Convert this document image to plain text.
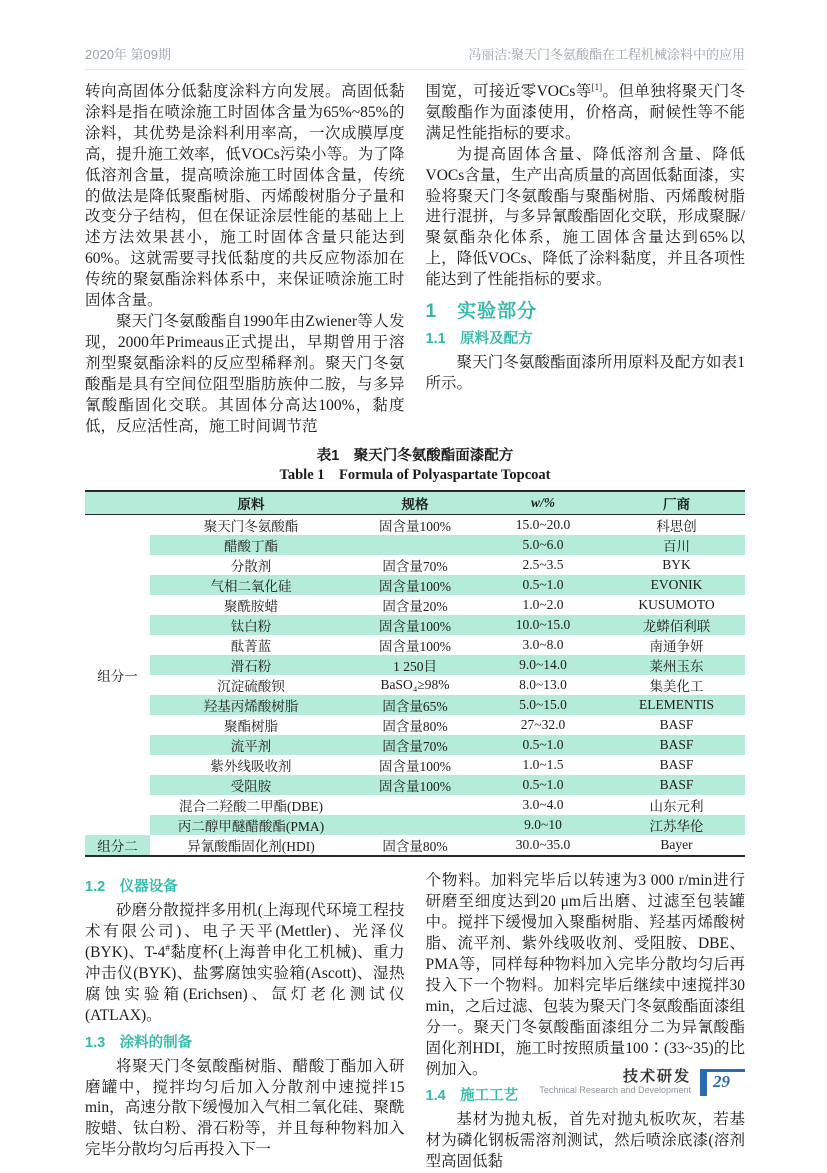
2020年 第09期	冯丽洁:聚天门冬氨酸酯在工程机械涂料中的应用

转向高固体分低黏度涂料方向发展。高固低黏涂料是指在喷涂施工时固体含量为65%~85%的涂料，其优势是涂料利用率高，一次成膜厚度高，提升施工效率，低VOCs污染小等。为了降低溶剂含量，提高喷涂施工时固体含量，传统的做法是降低聚酯树脂、丙烯酸树脂分子量和改变分子结构，但在保证涂层性能的基础上上述方法效果甚小，施工时固体含量只能达到60%。这就需要寻找低黏度的共反应物添加在传统的聚氨酯涂料体系中，来保证喷涂施工时固体含量。

聚天门冬氨酸酯自1990年由Zwiener等人发现，2000年Primeaus正式提出，早期曾用于溶剂型聚氨酯涂料的反应型稀释剂。聚天门冬氨酸酯是具有空间位阻型脂肪族仲二胺，与多异氰酸酯固化交联。其固体分高达100%，黏度低，反应活性高，施工时间调节范

围宽，可接近零VOCs等[1]。但单独将聚天门冬氨酸酯作为面漆使用，价格高，耐候性等不能满足性能指标的要求。

为提高固体含量、降低溶剂含量、降低VOCs含量，生产出高质量的高固低黏面漆，实验将聚天门冬氨酸酯与聚酯树脂、丙烯酸树脂进行混拼，与多异氰酸酯固化交联，形成聚脲/聚氨酯杂化体系，施工固体含量达到65%以上，降低VOCs、降低了涂料黏度，并且各项性能达到了性能指标的要求。

1　实验部分
1.1　原料及配方

聚天门冬氨酸酯面漆所用原料及配方如表1所示。

表1　聚天门冬氨酸酯面漆配方
Table 1　Formula of Polyaspartate Topcoat
	原料	规格	w/%	厂商
组分一	聚天门冬氨酸酯	固含量100%	15.0~20.0	科思创
	醋酸丁酯		5.0~6.0	百川
	分散剂	固含量70%	2.5~3.5	BYK
	气相二氧化硅	固含量100%	0.5~1.0	EVONIK
	聚酰胺蜡	固含量20%	1.0~2.0	KUSUMOTO
	钛白粉	固含量100%	10.0~15.0	龙蟒佰利联
	酞菁蓝	固含量100%	3.0~8.0	南通争妍
	滑石粉	1 250目	9.0~14.0	莱州玉东
	沉淀硫酸钡	BaSO₄≥98%	8.0~13.0	集美化工
	羟基丙烯酸树脂	固含量65%	5.0~15.0	ELEMENTIS
	聚酯树脂	固含量80%	27~32.0	BASF
	流平剂	固含量70%	0.5~1.0	BASF
	紫外线吸收剂	固含量100%	1.0~1.5	BASF
	受阻胺	固含量100%	0.5~1.0	BASF
	混合二羟酸二甲酯(DBE)		3.0~4.0	山东元利
	丙二醇甲醚醋酸酯(PMA)		9.0~10	江苏华伦
组分二	异氰酸酯固化剂(HDI)	固含量80%	30.0~35.0	Bayer
1.2　仪器设备

砂磨分散搅拌多用机(上海现代环境工程技术有限公司)、电子天平(Mettler)、光泽仪(BYK)、T-4#黏度杯(上海普申化工机械)、重力冲击仪(BYK)、盐雾腐蚀实验箱(Ascott)、湿热腐蚀实验箱(Erichsen)、氙灯老化测试仪(ATLAX)。

1.3　涂料的制备

将聚天门冬氨酸酯树脂、醋酸丁酯加入研磨罐中，搅拌均匀后加入分散剂中速搅拌15 min，高速分散下缓慢加入气相二氧化硅、聚酰胺蜡、钛白粉、滑石粉等，并且每种物料加入完毕分散均匀后再投入下一

个物料。加料完毕后以转速为3 000 r/min进行研磨至细度达到20 μm后出磨、过滤至包装罐中。搅拌下缓慢加入聚酯树脂、羟基丙烯酸树脂、流平剂、紫外线吸收剂、受阻胺、DBE、PMA等，同样每种物料加入完毕分散均匀后再投入下一个物料。加料完毕后继续中速搅拌30 min，之后过滤、包装为聚天门冬氨酸酯面漆组分一。聚天门冬氨酸酯面漆组分二为异氰酸酯固化剂HDI，施工时按照质量100∶(33~35)的比例加入。

1.4　施工工艺

基材为抛丸板，首先对抛丸板吹灰，若基材为磷化钢板需溶剂测试，然后喷涂底漆(溶剂型高固低黏

技术研发
Technical Research and Development	29
